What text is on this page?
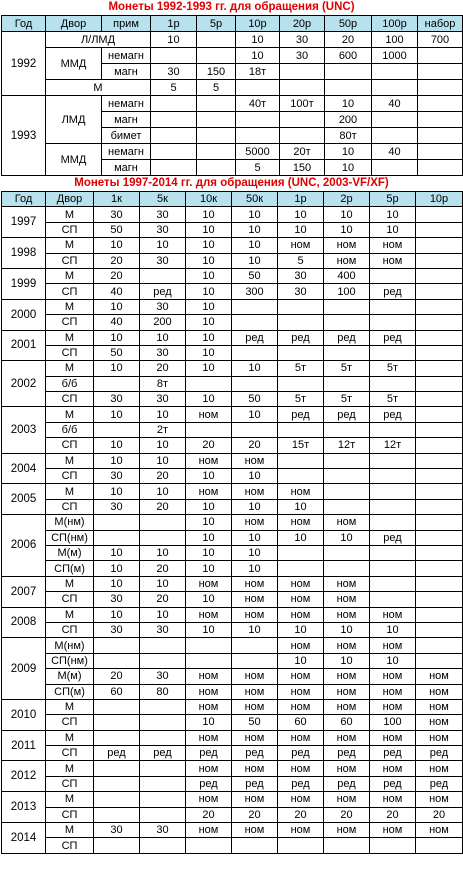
Монеты 1992-1993 гг. для обращения (UNC)
Год	Двор	прим	1р	5р	10р	20р	50р	100р	набор
1992	Л/ЛМД		10		10	30	20	100	700
	ММД	немагн			10	30	600	1000	
		магн	30	150	18т				
	М		5	5					
1993	ЛМД	немагн			40т	100т	10	40	
		магн					200		
		бимет					80т		
	ММД	немагн			5000	20т	10	40	
		магн			5	150	10		
Монеты 1997-2014 гг. для обращения (UNC, 2003-VF/XF)
Год	Двор	1к	5к	10к	50к	1р	2р	5р	10р
1997	М	30	30	10	10	10	10	10	
	СП	50	30	10	10	10	10	10	
1998	М	10	10	10	10	ном	ном	ном	
	СП	20	30	10	10	5	ном	ном	
1999	М	20		10	50	30	400		
	СП	40	ред	10	300	30	100	ред	
2000	М	10	30	10					
	СП	40	200	10					
2001	М	10	10	10	ред	ред	ред	ред	
	СП	50	30	10					
2002	М	10	20	10	10	5т	5т	5т	
	б/б		8т						
	СП	30	30	10	50	5т	5т	5т	
2003	М	10	10	ном	10	ред	ред	ред	
	б/б		2т						
	СП	10	10	20	20	15т	12т	12т	
2004	М	10	10	ном	ном				
	СП	30	20	10	10				
2005	М	10	10	ном	ном	ном			
	СП	30	20	10	10	10			
2006	М(нм)			10	ном	ном	ном		
	СП(нм)			10	10	10	10	ред	
	М(м)	10	10	10	10				
	СП(м)	10	20	10	10				
2007	М	10	10	ном	ном	ном	ном		
	СП	30	20	10	ном	ном	ном		
2008	М	10	10	ном	ном	ном	ном	ном	
	СП	30	30	10	10	10	10	10	
2009	М(нм)					ном	ном	ном	
	СП(нм)					10	10	10	
	М(м)	20	30	ном	ном	ном	ном	ном	ном
	СП(м)	60	80	ном	ном	ном	ном	ном	ном
2010	М			ном	ном	ном	ном	ном	ном
	СП			10	50	60	60	100	ном
2011	М			ном	ном	ном	ном	ном	ном
	СП	ред	ред	ред	ред	ред	ред	ред	ред
2012	М			ном	ном	ном	ном	ном	ном
	СП			ред	ред	ред	ред	ред	ред
2013	М			ном	ном	ном	ном	ном	ном
	СП			20	20	20	20	20	20
2014	М	30	30	ном	ном	ном	ном	ном	ном
	СП								
